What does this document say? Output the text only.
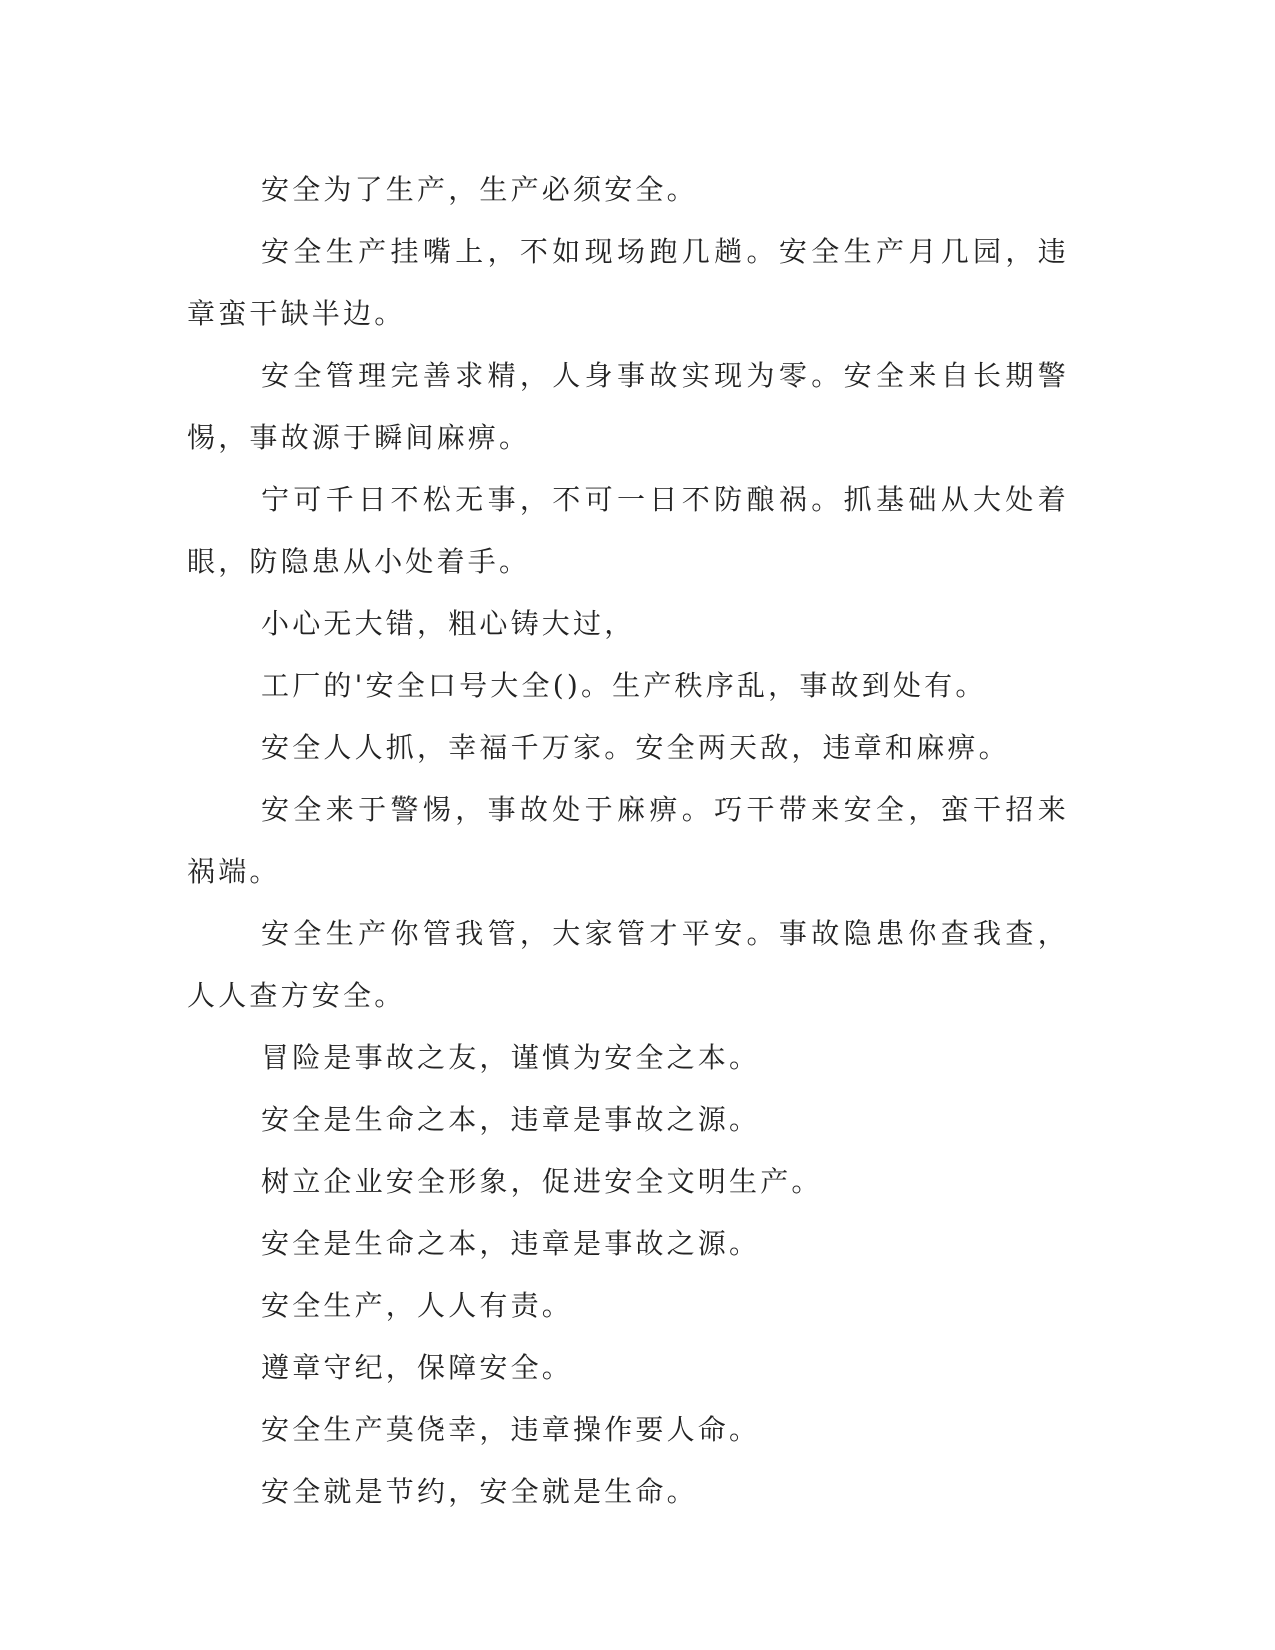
安全为了生产，生产必须安全。

安全生产挂嘴上，不如现场跑几趟。安全生产月几园，违章蛮干缺半边。

安全管理完善求精，人身事故实现为零。安全来自长期警惕，事故源于瞬间麻痹。

宁可千日不松无事，不可一日不防酿祸。抓基础从大处着眼，防隐患从小处着手。

小心无大错，粗心铸大过，

工厂的'安全口号大全()。生产秩序乱，事故到处有。

安全人人抓，幸福千万家。安全两天敌，违章和麻痹。

安全来于警惕，事故处于麻痹。巧干带来安全，蛮干招来祸端。

安全生产你管我管，大家管才平安。事故隐患你查我查，人人查方安全。

冒险是事故之友，谨慎为安全之本。

安全是生命之本，违章是事故之源。

树立企业安全形象，促进安全文明生产。

安全是生命之本，违章是事故之源。

安全生产，人人有责。

遵章守纪，保障安全。

安全生产莫侥幸，违章操作要人命。

安全就是节约，安全就是生命。
